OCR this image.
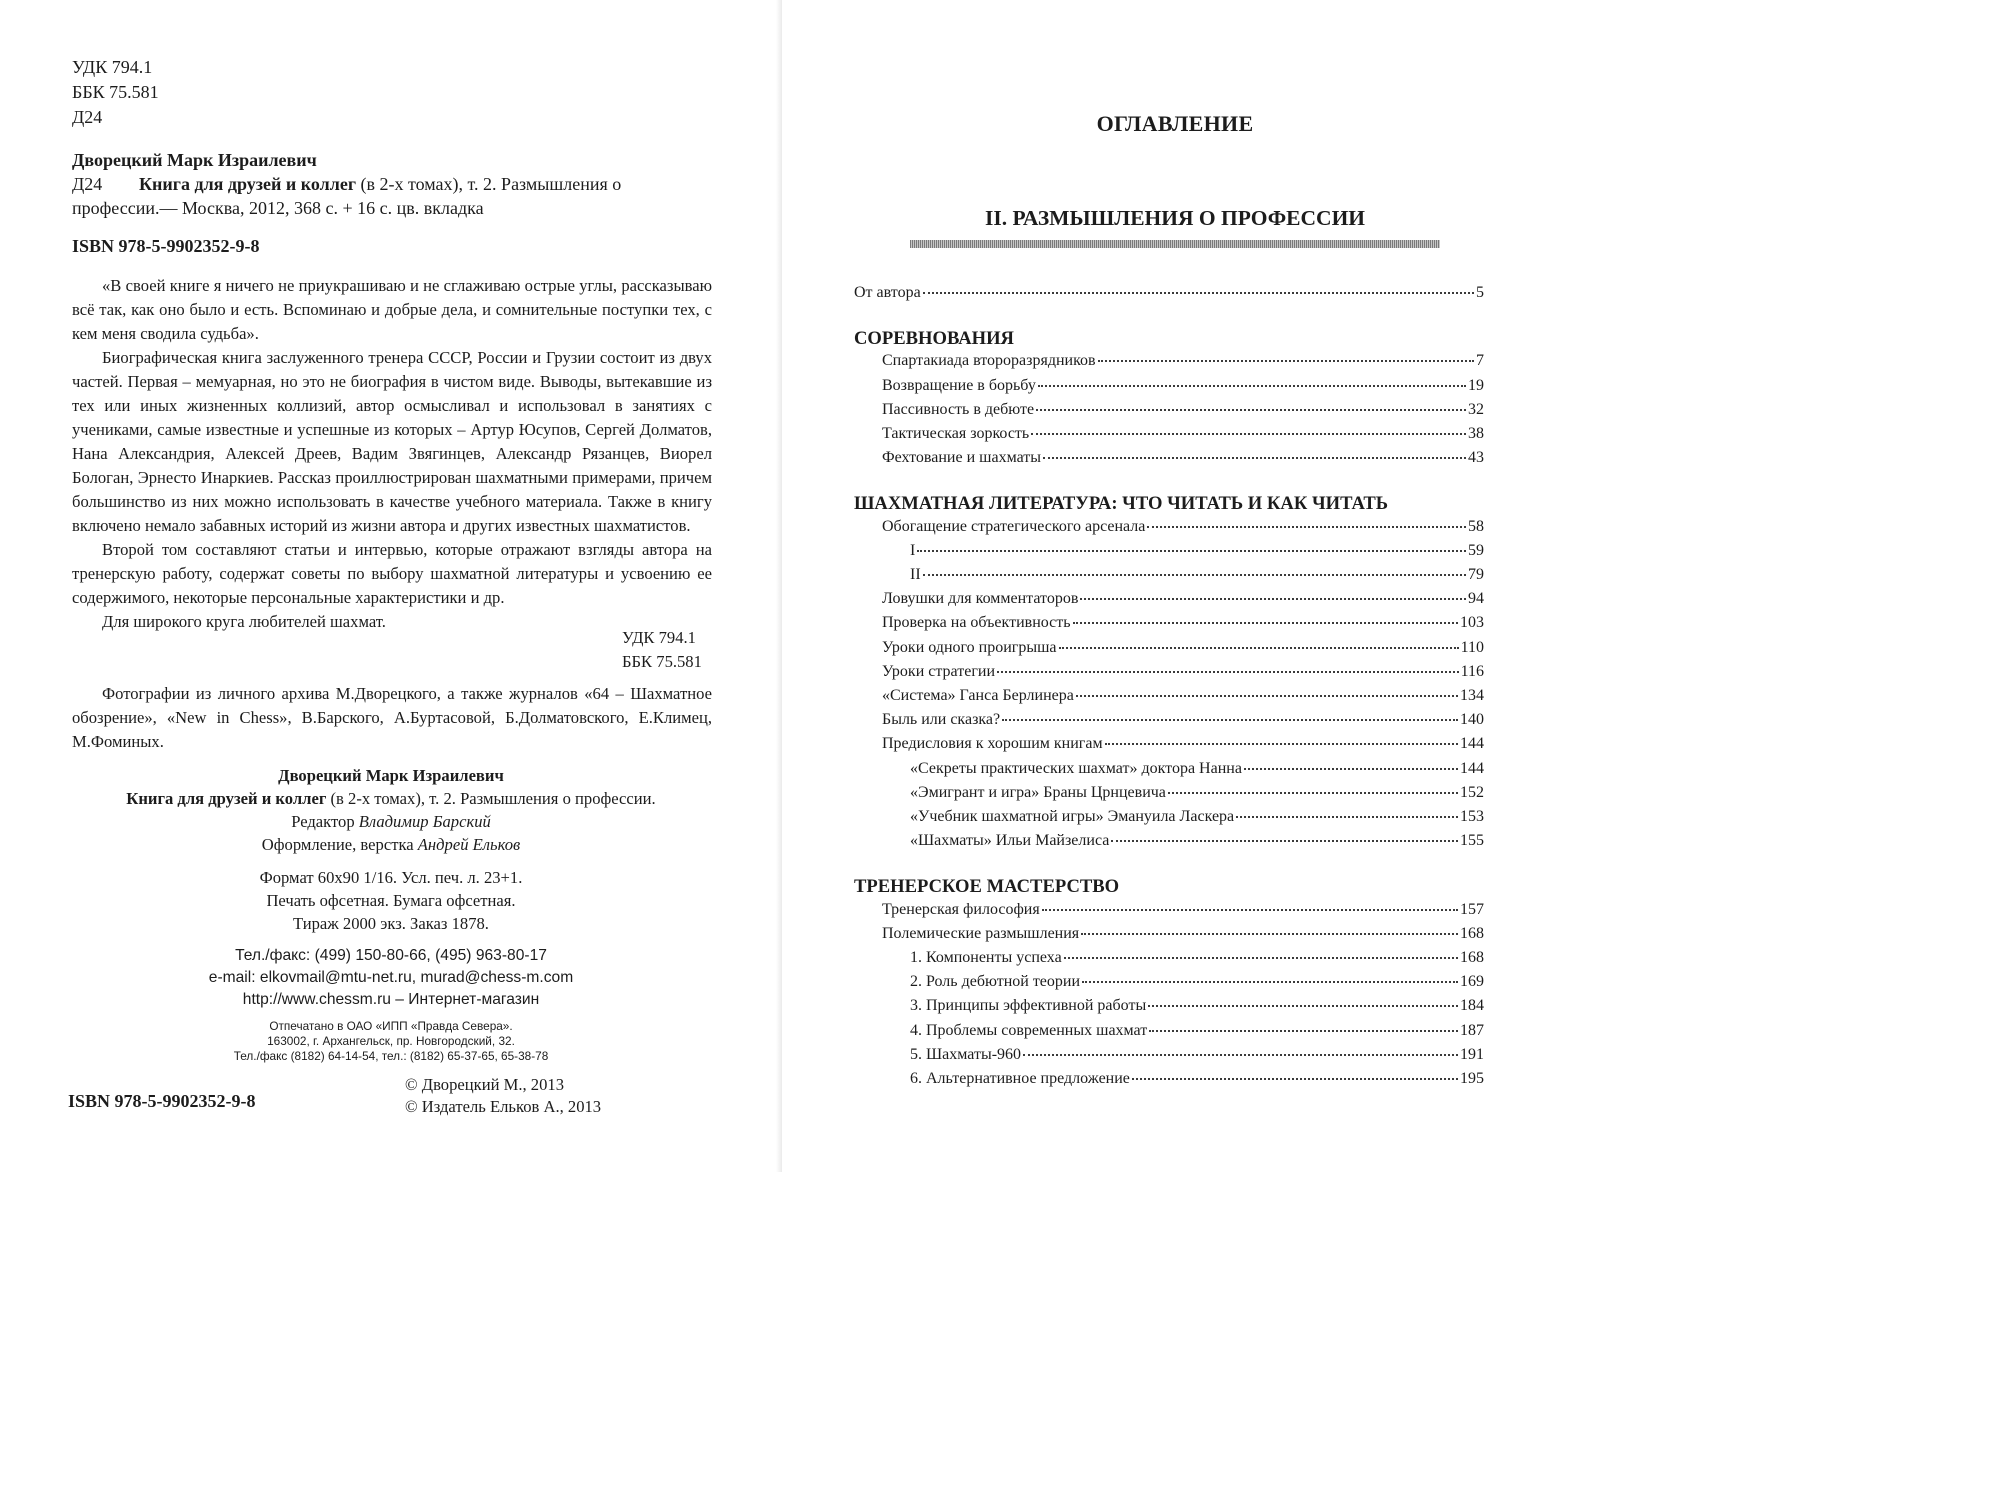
УДК 794.1
ББК 75.581
Д24
Дворецкий Марк Израилевич
Д24 Книга для друзей и коллег (в 2-х томах), т. 2. Размышления о
профессии.— Москва, 2012, 368 с. + 16 с. цв. вкладка
ISBN 978-5-9902352-9-8

«В своей книге я ничего не приукрашиваю и не сглаживаю острые углы, рассказываю всё так, как оно было и есть. Вспоминаю и добрые дела, и сомнительные поступки тех, с кем меня сводила судьба».

Биографическая книга заслуженного тренера СССР, России и Грузии состоит из двух частей. Первая – мемуарная, но это не биография в чистом виде. Выводы, вытекавшие из тех или иных жизненных коллизий, автор осмысливал и использовал в занятиях с учениками, самые известные и успешные из которых – Артур Юсупов, Сергей Долматов, Нана Александрия, Алексей Дреев, Вадим Звягинцев, Александр Рязанцев, Виорел Бологан, Эрнесто Инаркиев. Рассказ проиллюстрирован шахматными примерами, причем большинство из них можно использовать в качестве учебного материала. Также в книгу включено немало забавных историй из жизни автора и других известных шахматистов.

Второй том составляют статьи и интервью, которые отражают взгляды автора на тренерскую работу, содержат советы по выбору шахматной литературы и усвоению ее содержимого, некоторые персональные характеристики и др.

Для широкого круга любителей шахмат.

УДК 794.1
ББК 75.581

Фотографии из личного архива М.Дворецкого, а также журналов «64 – Шахматное обозрение», «New in Chess», В.Барского, А.Буртасовой, Б.Долматовского, Е.Климец, М.Фоминых.

Дворецкий Марк Израилевич
Книга для друзей и коллег (в 2-х томах), т. 2. Размышления о профессии.
Редактор Владимир Барский
Оформление, верстка Андрей Ельков
Формат 60x90 1/16. Усл. печ. л. 23+1.
Печать офсетная. Бумага офсетная.
Тираж 2000 экз. Заказ 1878.
Тел./факс: (499) 150-80-66, (495) 963-80-17
e-mail: elkovmail@mtu-net.ru, murad@chess-m.com
http://www.chessm.ru – Интернет-магазин
Отпечатано в ОАО «ИПП «Правда Севера».
163002, г. Архангельск, пр. Новгородский, 32.
Тел./факс (8182) 64-14-54, тел.: (8182) 65-37-65, 65-38-78
ISBN 978-5-9902352-9-8
© Дворецкий М., 2013
© Издатель Ельков А., 2013
ОГЛАВЛЕНИЕ
II. РАЗМЫШЛЕНИЯ О ПРОФЕССИИ
От автора	5
СОРЕВНОВАНИЯ
Спартакиада второразрядников	7
Возвращение в борьбу	19
Пассивность в дебюте	32
Тактическая зоркость	38
Фехтование и шахматы	43
ШАХМАТНАЯ ЛИТЕРАТУРА: ЧТО ЧИТАТЬ И КАК ЧИТАТЬ
Обогащение стратегического арсенала	58
I	59
II	79
Ловушки для комментаторов	94
Проверка на объективность	103
Уроки одного проигрыша	110
Уроки стратегии	116
«Система» Ганса Берлинера	134
Быль или сказка?	140
Предисловия к хорошим книгам	144
«Секреты практических шахмат» доктора Нанна	144
«Эмигрант и игра» Браны Црнцевича	152
«Учебник шахматной игры» Эмануила Ласкера	153
«Шахматы» Ильи Майзелиса	155
ТРЕНЕРСКОЕ МАСТЕРСТВО
Тренерская философия	157
Полемические размышления	168
1. Компоненты успеха	168
2. Роль дебютной теории	169
3. Принципы эффективной работы	184
4. Проблемы современных шахмат	187
5. Шахматы-960	191
6. Альтернативное предложение	195
